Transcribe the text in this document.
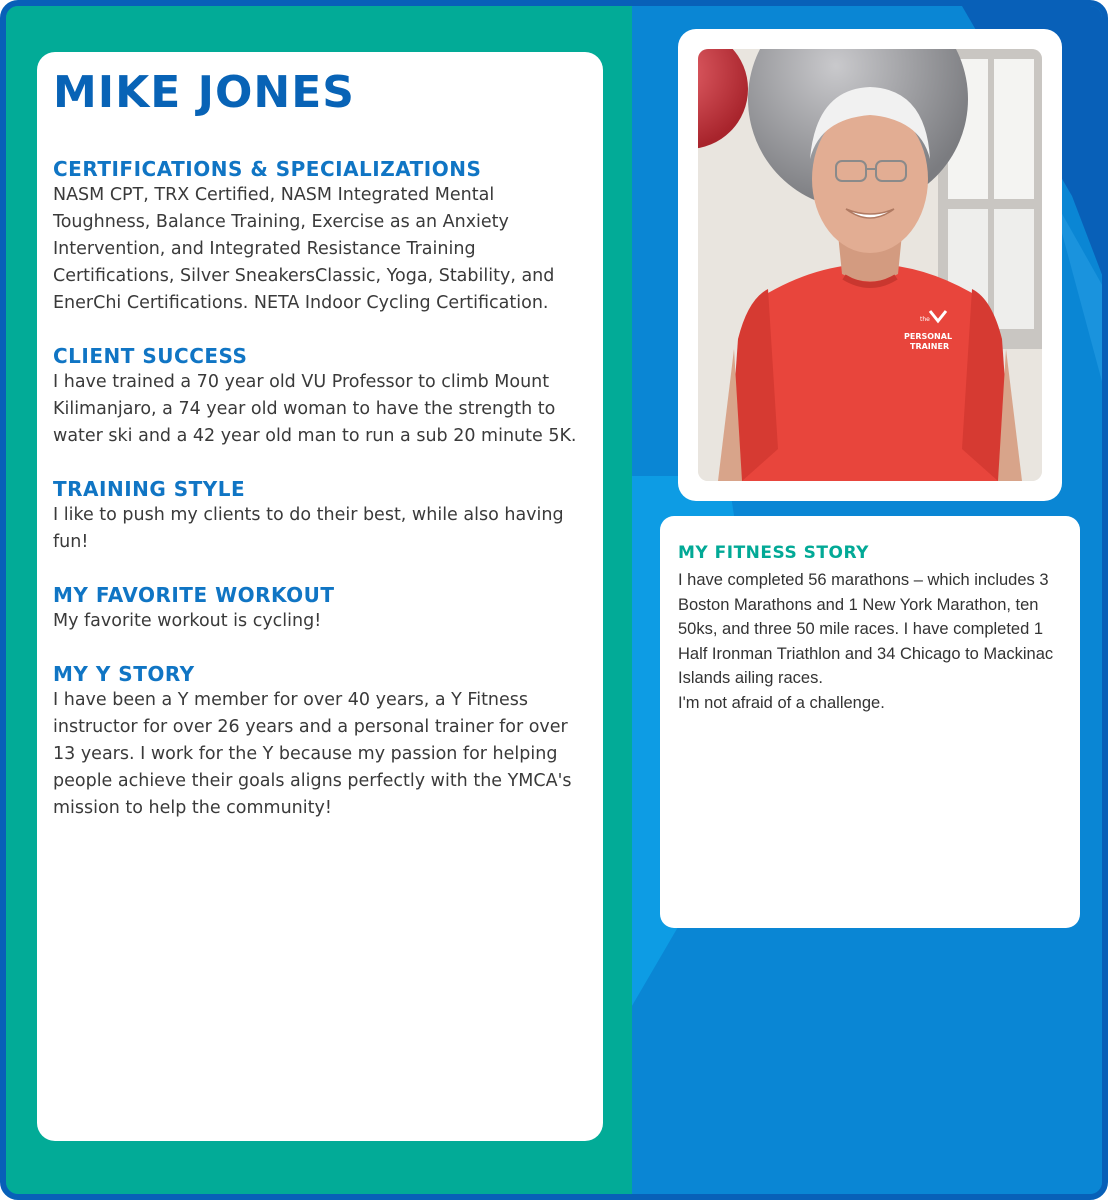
MIKE JONES
CERTIFICATIONS & SPECIALIZATIONS

NASM CPT, TRX Certified, NASM Integrated Mental Toughness, Balance Training, Exercise as an Anxiety Intervention, and Integrated Resistance Training Certifications, Silver SneakersClassic, Yoga, Stability, and EnerChi Certifications. NETA Indoor Cycling Certification.

CLIENT SUCCESS

I have trained a 70 year old VU Professor to climb Mount Kilimanjaro, a 74 year old woman to have the strength to water ski and a 42 year old man to run a sub 20 minute 5K.

TRAINING STYLE

I like to push my clients to do their best, while also having fun!

MY FAVORITE WORKOUT

My favorite workout is cycling!

MY Y STORY

I have been a Y member for over 40 years, a Y Fitness instructor for over 26 years and a personal trainer for over 13 years. I work for the Y because my passion for helping people achieve their goals aligns perfectly with the YMCA's mission to help the community!

the
PERSONAL
TRAINER
MY FITNESS STORY

I have completed 56 marathons – which includes 3 Boston Marathons and 1 New York Marathon, ten 50ks, and three 50 mile races. I have completed 1 Half Ironman Triathlon and 34 Chicago to Mackinac Islands ailing races.
I'm not afraid of a challenge.
